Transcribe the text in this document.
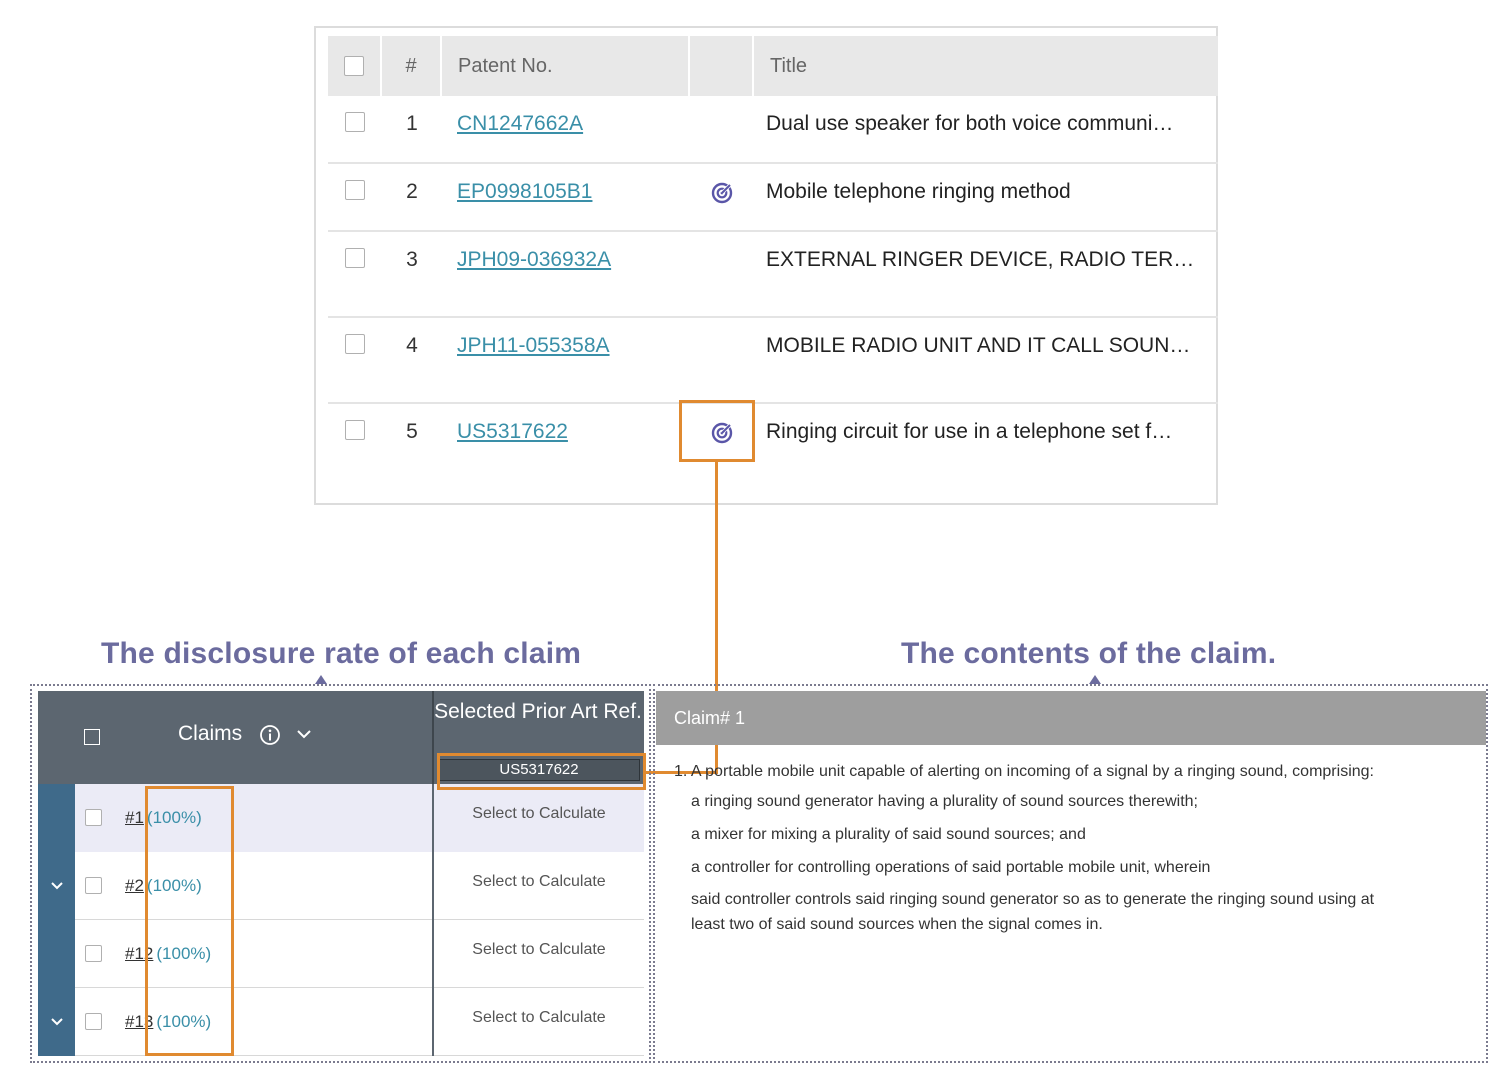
# Patent No.	Title
1	CN1247662A	Dual use speaker for both voice communi…
2	EP0998105B1	Mobile telephone ringing method
3	JPH09-036932A	EXTERNAL RINGER DEVICE, RADIO TER…
4	JPH11-055358A	MOBILE RADIO UNIT AND IT CALL SOUN…
5	US5317622	Ringing circuit for use in a telephone set f…
The disclosure rate of each claim	The contents of the claim.
Claims
Selected Prior Art Ref.
US5317622
#1 (100%)	Select to Calculate
#2 (100%)	Select to Calculate
#12 (100%)	Select to Calculate
#13 (100%)	Select to Calculate
Claim# 1
1. A portable mobile unit capable of alerting on incoming of a signal by a ringing sound, comprising:
a ringing sound generator having a plurality of sound sources therewith;
a mixer for mixing a plurality of said sound sources; and
a controller for controlling operations of said portable mobile unit, wherein
said controller controls said ringing sound generator so as to generate the ringing sound using at
least two of said sound sources when the signal comes in.
